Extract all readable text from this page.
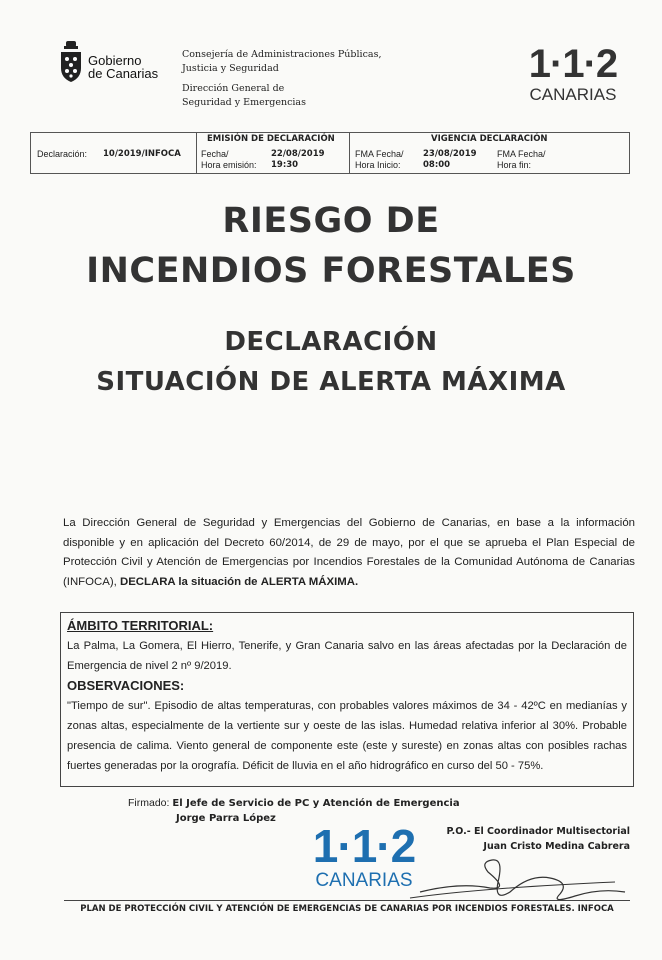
Gobierno
de Canarias

Consejería de Administraciones Públicas,

Justicia y Seguridad

Dirección General de

Seguridad y Emergencias

1·1·2
CANARIAS
Declaración: 10/2019/INFOCA
EMISIÓN DE DECLARACIÓN
Fecha/	22/08/2019
Hora emisión: 19:30
VIGENCIA DECLARACIÓN
FMA Fecha/ 23/08/2019
Hora Inicio:	08:00
FMA Fecha/
Hora fin:
RIESGO DE
INCENDIOS FORESTALES
DECLARACIÓN
SITUACIÓN DE ALERTA MÁXIMA

La Dirección General de Seguridad y Emergencias del Gobierno de Canarias, en base a la información disponible y en aplicación del Decreto 60/2014, de 29 de mayo, por el que se aprueba el Plan Especial de Protección Civil y Atención de Emergencias por Incendios Forestales de la Comunidad Autónoma de Canarias (INFOCA), DECLARA la situación de ALERTA MÁXIMA.

ÁMBITO TERRITORIAL:

La Palma, La Gomera, El Hierro, Tenerife, y Gran Canaria salvo en las áreas afectadas por la Declaración de Emergencia de nivel 2 nº 9/2019.

OBSERVACIONES:

"Tiempo de sur". Episodio de altas temperaturas, con probables valores máximos de 34 - 42ºC en medianías y zonas altas, especialmente de la vertiente sur y oeste de las islas. Humedad relativa inferior al 30%. Probable presencia de calima. Viento general de componente este (este y sureste) en zonas altas con posibles rachas fuertes generadas por la orografía. Déficit de lluvia en el año hidrográfico en curso del 50 - 75%.

Firmado: El Jefe de Servicio de PC y Atención de Emergencia
Jorge Parra López
P.O.- El Coordinador Multisectorial
Juan Cristo Medina Cabrera
1·1·2
CANARIAS
PLAN DE PROTECCIÓN CIVIL Y ATENCIÓN DE EMERGENCIAS DE CANARIAS POR INCENDIOS FORESTALES. INFOCA
